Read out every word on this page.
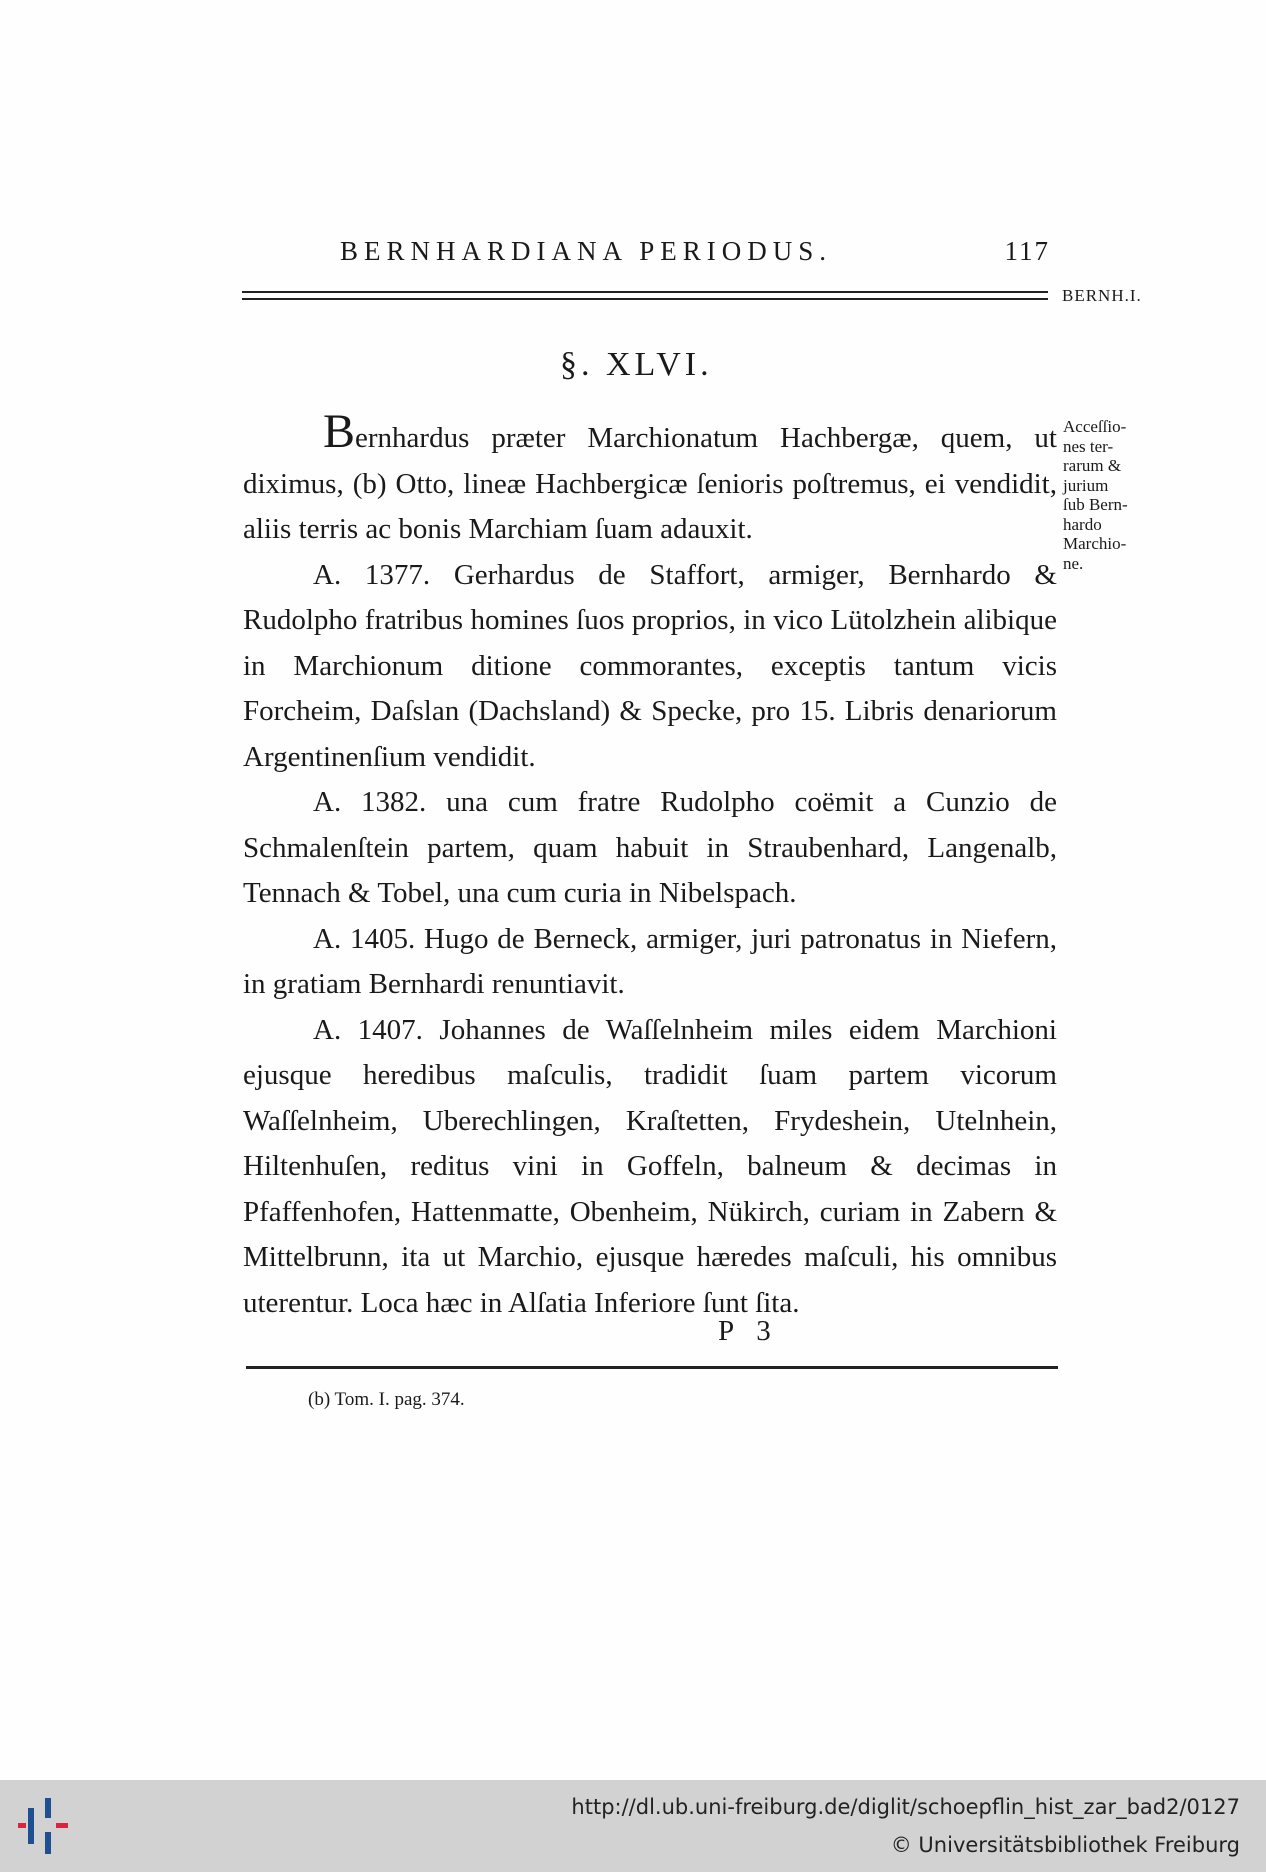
BERNHARDIANA PERIODUS.	117
BERNH.I.
§. XLVI.

Bernhardus præter Marchionatum Hachbergæ, quem, ut diximus, (b) Otto, lineæ Hachbergicæ ſenioris poſtremus, ei vendidit, aliis terris ac bonis Marchiam ſuam adauxit.

A. 1377. Gerhardus de Staffort, armiger, Bernhardo & Rudolpho fratribus homines ſuos proprios, in vico Lütolzhein alibique in Marchionum ditione commorantes, exceptis tantum vicis Forcheim, Daſslan (Dachsland) & Specke, pro 15. Libris denariorum Argentinenſium vendidit.

A. 1382. una cum fratre Rudolpho coëmit a Cunzio de Schmalenſtein partem, quam habuit in Straubenhard, Langenalb, Tennach & Tobel, una cum curia in Nibelspach.

A. 1405. Hugo de Berneck, armiger, juri patronatus in Niefern, in gratiam Bernhardi renuntiavit.

A. 1407. Johannes de Waſſelnheim miles eidem Marchioni ejusque heredibus maſculis, tradidit ſuam partem vicorum Waſſelnheim, Uberechlingen, Kraſtetten, Frydeshein, Utelnhein, Hiltenhuſen, reditus vini in Goffeln, balneum & decimas in Pfaffenhofen, Hattenmatte, Obenheim, Nükirch, curiam in Zabern & Mittelbrunn, ita ut Marchio, ejusque hæredes maſculi, his omnibus uterentur. Loca hæc in Alſatia Inferiore ſunt ſita.

Acceſſio-
nes ter-
rarum &
jurium
ſub Bern-
hardo
Marchio-
ne.
P 3
(b) Tom. I. pag. 374.
http://dl.ub.uni-freiburg.de/diglit/schoepflin_hist_zar_bad2/0127
© Universitätsbibliothek Freiburg
